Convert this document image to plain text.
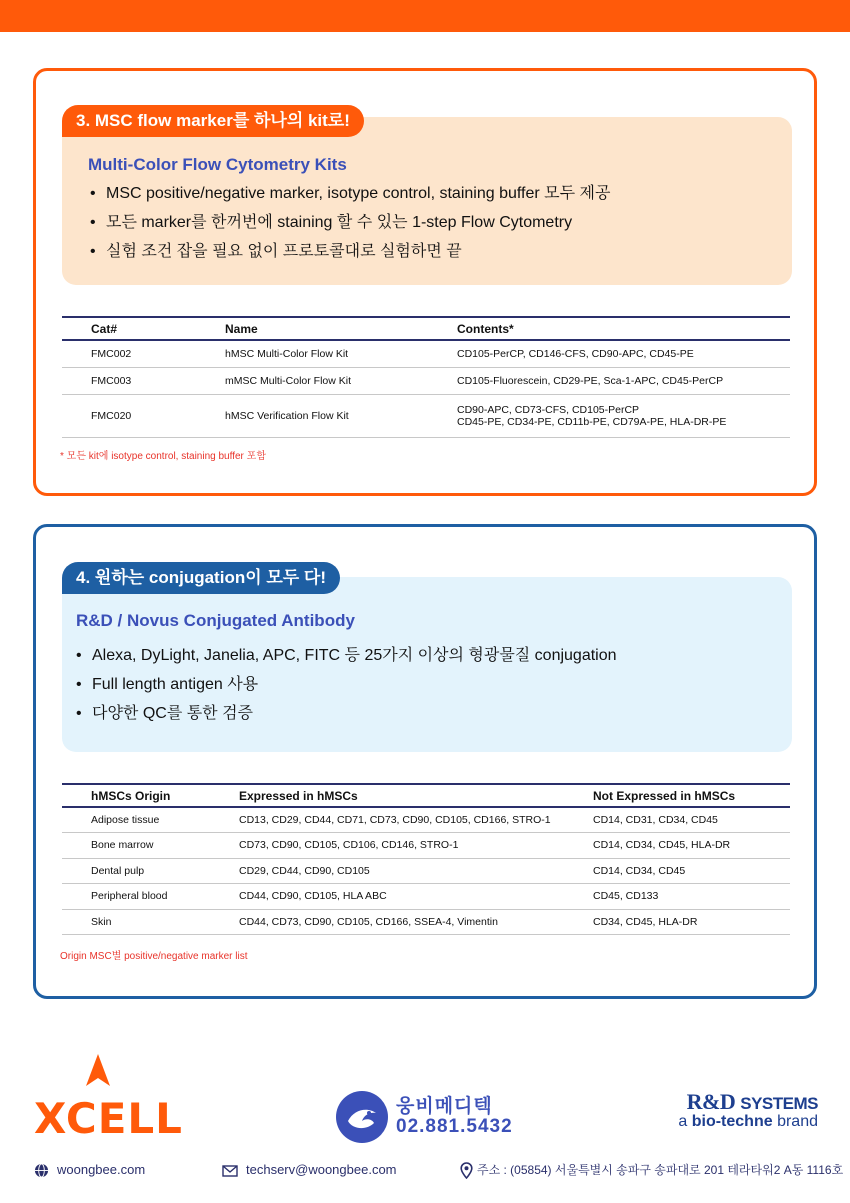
3. MSC flow marker를 하나의 kit로!
Multi-Color Flow Cytometry Kits
• MSC positive/negative marker, isotype control, staining buffer 모두 제공
• 모든 marker를 한꺼번에 staining 할 수 있는 1-step Flow Cytometry
• 실험 조건 잡을 필요 없이 프로토콜대로 실험하면 끝
Cat#	Name	Contents*
FMC002	hMSC Multi-Color Flow Kit	CD105-PerCP, CD146-CFS, CD90-APC, CD45-PE
FMC003	mMSC Multi-Color Flow Kit	CD105-Fluorescein, CD29-PE, Sca-1-APC, CD45-PerCP
FMC020	hMSC Verification Flow Kit	CD90-APC, CD73-CFS, CD105-PerCP
CD45-PE, CD34-PE, CD11b-PE, CD79A-PE, HLA-DR-PE
* 모든 kit에 isotype control, staining buffer 포함
4. 원하는 conjugation이 모두 다!
R&D / Novus Conjugated Antibody
• Alexa, DyLight, Janelia, APC, FITC 등 25가지 이상의 형광물질 conjugation
• Full length antigen 사용
• 다양한 QC를 통한 검증
hMSCs Origin	Expressed in hMSCs	Not Expressed in hMSCs
Adipose tissue	CD13, CD29, CD44, CD71, CD73, CD90, CD105, CD166, STRO-1	CD14, CD31, CD34, CD45
Bone marrow	CD73, CD90, CD105, CD106, CD146, STRO-1	CD14, CD34, CD45, HLA-DR
Dental pulp	CD29, CD44, CD90, CD105	CD14, CD34, CD45
Peripheral blood	CD44, CD90, CD105, HLA ABC	CD45, CD133
Skin	CD44, CD73, CD90, CD105, CD166, SSEA-4, Vimentin	CD34, CD45, HLA-DR
Origin MSC별 positive/negative marker list
XCELL	웅비메디텍
02.881.5432
R&D SYSTEMS
a bio-techne brand
woongbee.com	techserv@woongbee.com	주소 : (05854) 서울특별시 송파구 송파대로 201 테라타워2 A동 1116호
